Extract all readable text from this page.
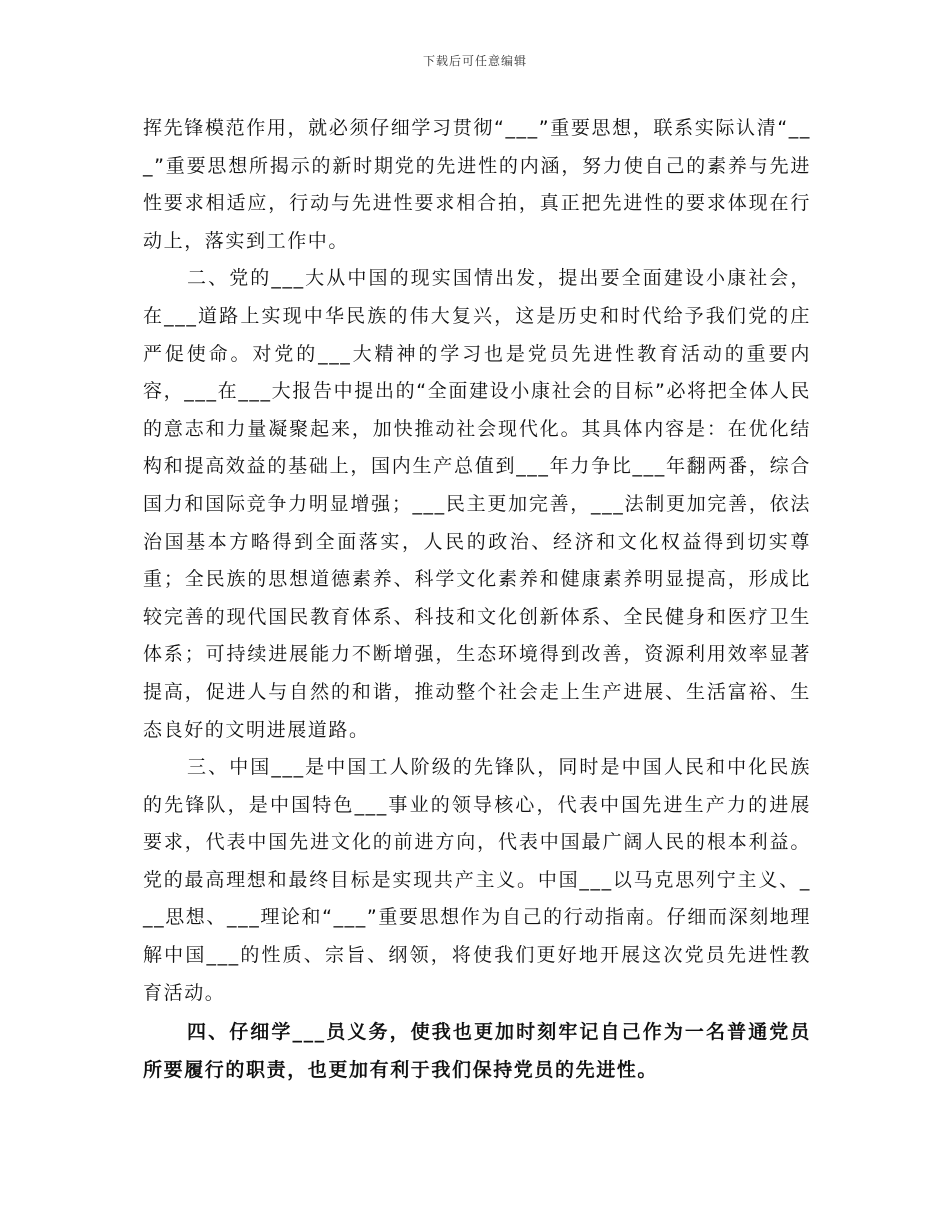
下载后可任意编辑

挥先锋模范作用，就必须仔细学习贯彻“___”重要思想，联系实际认清“___”重要思想所揭示的新时期党的先进性的内涵，努力使自己的素养与先进性要求相适应，行动与先进性要求相合拍，真正把先进性的要求体现在行动上，落实到工作中。

二、党的___大从中国的现实国情出发，提出要全面建设小康社会，在___道路上实现中华民族的伟大复兴，这是历史和时代给予我们党的庄严促使命。对党的___大精神的学习也是党员先进性教育活动的重要内容，___在___大报告中提出的“全面建设小康社会的目标”必将把全体人民的意志和力量凝聚起来，加快推动社会现代化。其具体内容是：在优化结构和提高效益的基础上，国内生产总值到___年力争比___年翻两番，综合国力和国际竞争力明显增强；___民主更加完善，___法制更加完善，依法治国基本方略得到全面落实，人民的政治、经济和文化权益得到切实尊重；全民族的思想道德素养、科学文化素养和健康素养明显提高，形成比较完善的现代国民教育体系、科技和文化创新体系、全民健身和医疗卫生体系；可持续进展能力不断增强，生态环境得到改善，资源利用效率显著提高，促进人与自然的和谐，推动整个社会走上生产进展、生活富裕、生态良好的文明进展道路。

三、中国___是中国工人阶级的先锋队，同时是中国人民和中化民族的先锋队，是中国特色___事业的领导核心，代表中国先进生产力的进展要求，代表中国先进文化的前进方向，代表中国最广阔人民的根本利益。党的最高理想和最终目标是实现共产主义。中国___以马克思列宁主义、___思想、___理论和“___”重要思想作为自己的行动指南。仔细而深刻地理解中国___的性质、宗旨、纲领，将使我们更好地开展这次党员先进性教育活动。

四、仔细学___员义务，使我也更加时刻牢记自己作为一名普通党员所要履行的职责，也更加有利于我们保持党员的先进性。
